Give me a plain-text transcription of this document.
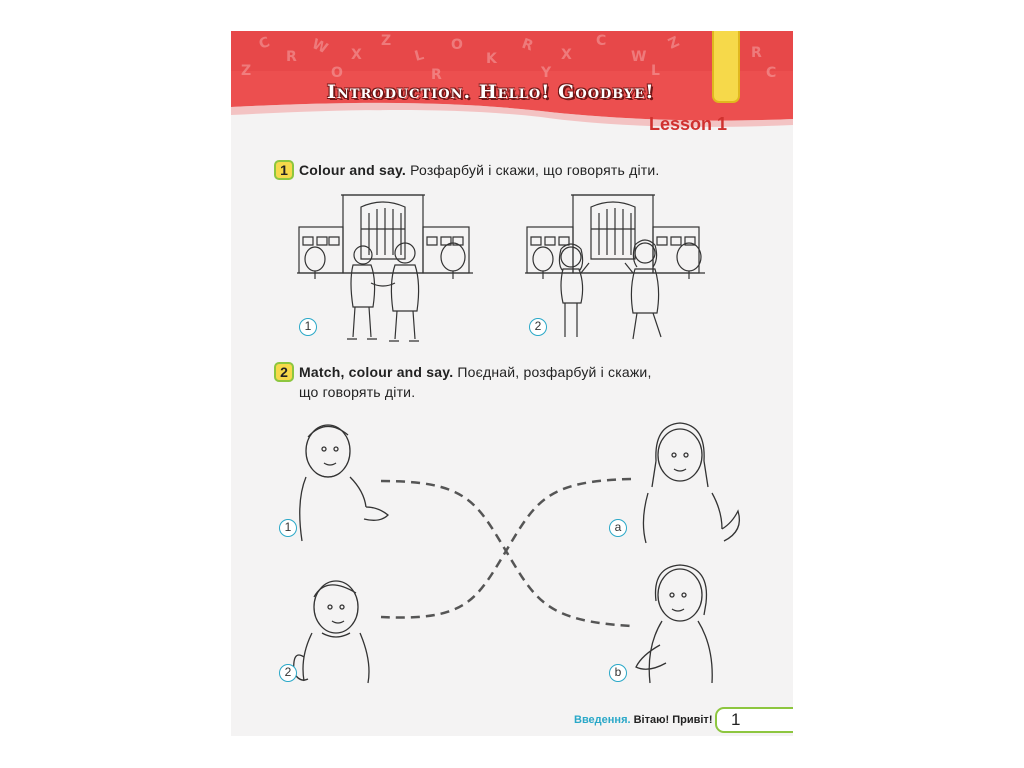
C
R W X
Z
L
O
K
R
X
C
W
Z
R
Z	O	R	Y	L	C
Introduction. Hello! Goodbye!
Lesson 1
1 Colour and say. Розфарбуй і скажи, що говорять діти.
1	2
2 Match, colour and say. Поєднай, розфарбуй і скажи,
що говорять діти.
1
2
a
b
Введення. Вітаю! Привіт! 1
